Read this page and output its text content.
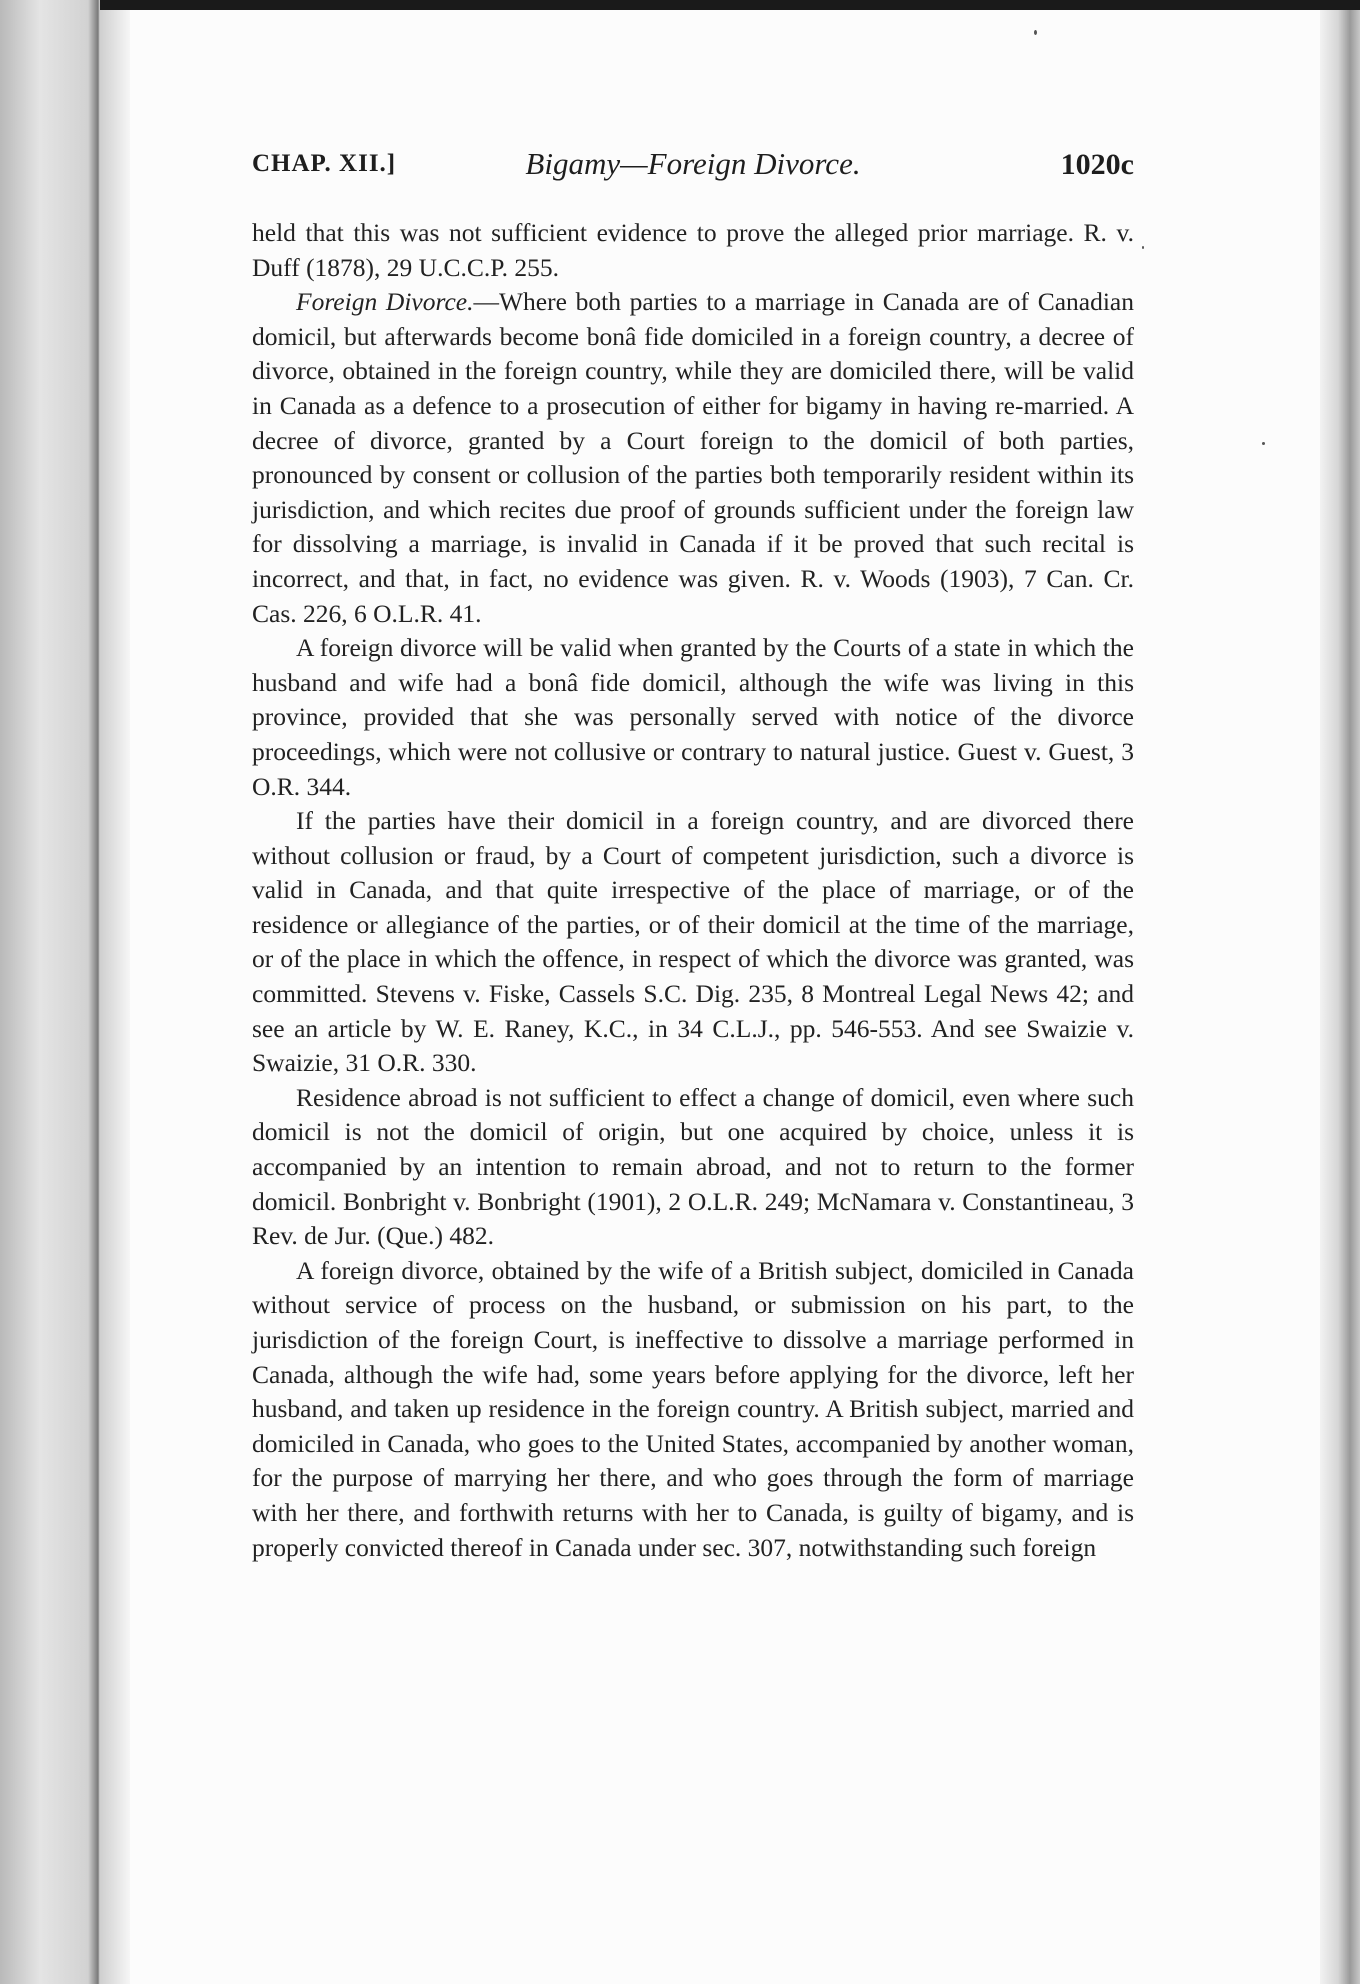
CHAP. XII.]	Bigamy—Foreign Divorce.	1020c

held that this was not sufficient evidence to prove the alleged prior marriage. R. v. Duff (1878), 29 U.C.C.P. 255.

Foreign Divorce.—Where both parties to a marriage in Canada are of Canadian domicil, but afterwards become bonâ fide domiciled in a foreign country, a decree of divorce, obtained in the foreign country, while they are domiciled there, will be valid in Canada as a defence to a prosecution of either for bigamy in having re-married. A decree of divorce, granted by a Court foreign to the domicil of both parties, pronounced by consent or collusion of the parties both temporarily resident within its jurisdiction, and which recites due proof of grounds sufficient under the foreign law for dissolving a marriage, is invalid in Canada if it be proved that such recital is incorrect, and that, in fact, no evidence was given. R. v. Woods (1903), 7 Can. Cr. Cas. 226, 6 O.L.R. 41.

A foreign divorce will be valid when granted by the Courts of a state in which the husband and wife had a bonâ fide domicil, although the wife was living in this province, provided that she was personally served with notice of the divorce proceedings, which were not collusive or contrary to natural justice. Guest v. Guest, 3 O.R. 344.

If the parties have their domicil in a foreign country, and are divorced there without collusion or fraud, by a Court of competent jurisdiction, such a divorce is valid in Canada, and that quite irrespective of the place of marriage, or of the residence or allegiance of the parties, or of their domicil at the time of the marriage, or of the place in which the offence, in respect of which the divorce was granted, was committed. Stevens v. Fiske, Cassels S.C. Dig. 235, 8 Montreal Legal News 42; and see an article by W. E. Raney, K.C., in 34 C.L.J., pp. 546-553. And see Swaizie v. Swaizie, 31 O.R. 330.

Residence abroad is not sufficient to effect a change of domicil, even where such domicil is not the domicil of origin, but one acquired by choice, unless it is accompanied by an intention to remain abroad, and not to return to the former domicil. Bonbright v. Bonbright (1901), 2 O.L.R. 249; McNamara v. Constantineau, 3 Rev. de Jur. (Que.) 482.

A foreign divorce, obtained by the wife of a British subject, domiciled in Canada without service of process on the husband, or submission on his part, to the jurisdiction of the foreign Court, is ineffective to dissolve a marriage performed in Canada, although the wife had, some years before applying for the divorce, left her husband, and taken up residence in the foreign country. A British subject, married and domiciled in Canada, who goes to the United States, accompanied by another woman, for the purpose of marrying her there, and who goes through the form of marriage with her there, and forthwith returns with her to Canada, is guilty of bigamy, and is properly convicted thereof in Canada under sec. 307, notwithstanding such foreign
